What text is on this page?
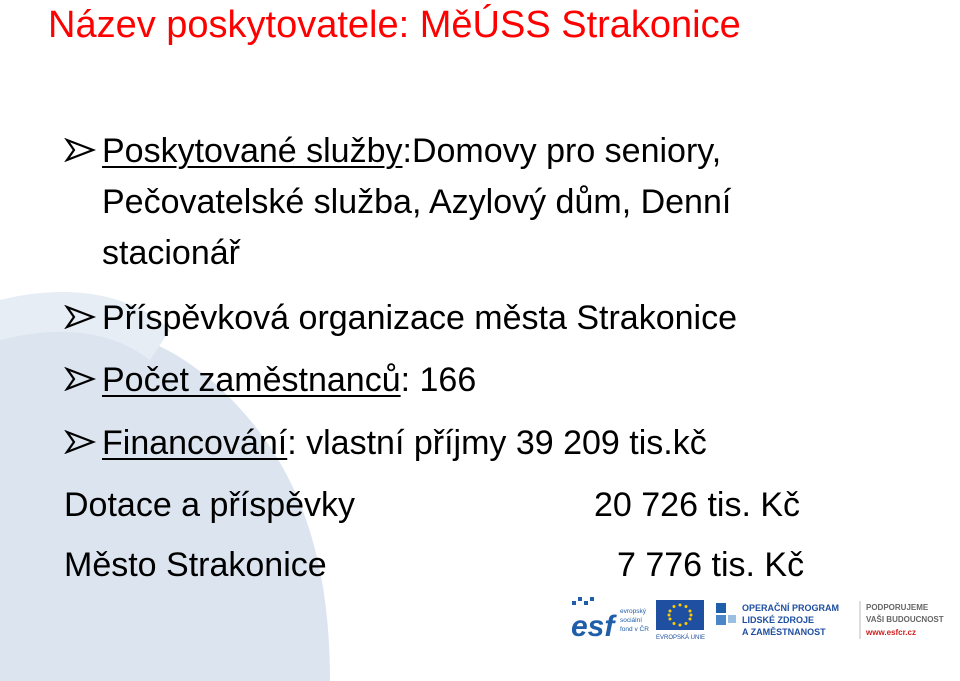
Název poskytovatele: MěÚSS Strakonice
Poskytované služby:Domovy pro seniory,
Pečovatelské služba, Azylový dům, Denní
stacionář
Příspěvková organizace města Strakonice
Počet zaměstnanců: 166
Financování: vlastní příjmy 39 209 tis.kč
Dotace a příspěvky	20 726 tis. Kč
Město Strakonice	7 776 tis. Kč
esf evropský
sociální
fond v ČR
EVROPSKÁ UNIE
OPERAČNÍ PROGRAM
LIDSKÉ ZDROJE
A ZAMĚSTNANOST
PODPORUJEME
VAŠI BUDOUCNOST
www.esfcr.cz
